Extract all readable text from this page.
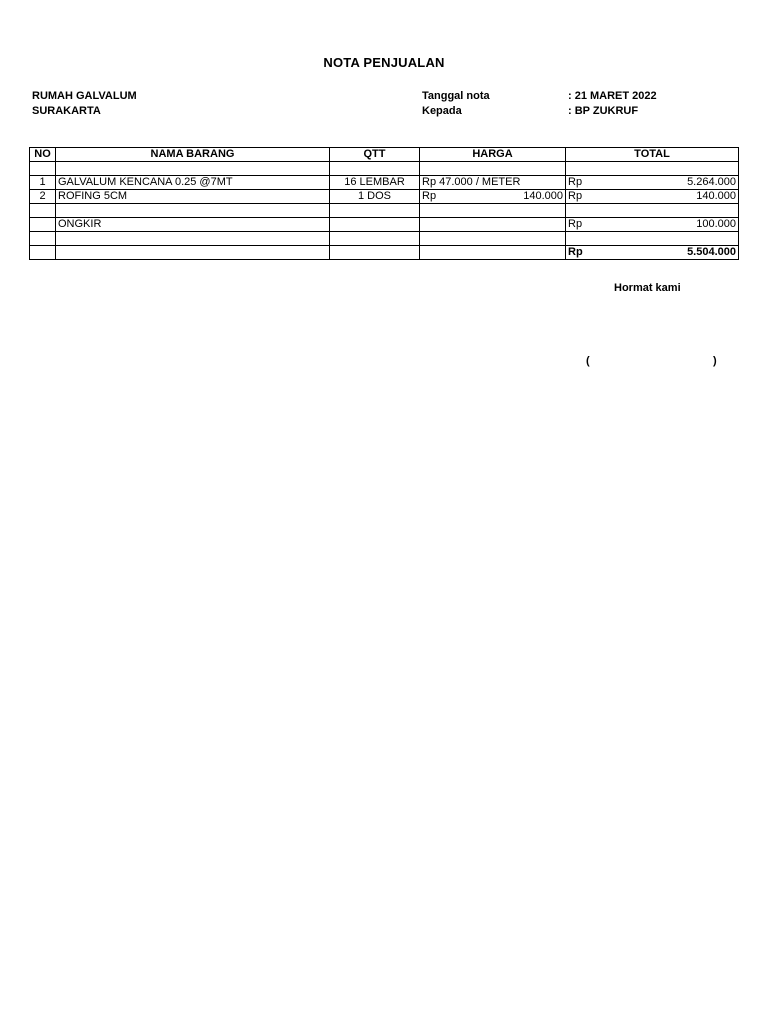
NOTA PENJUALAN
RUMAH GALVALUM
SURAKARTA
Tanggal nota	: 21 MARET 2022
Kepada	: BP ZUKRUF
NO	NAMA BARANG	QTT	HARGA	TOTAL

1	GALVALUM KENCANA 0.25 @7MT	16 LEMBAR	Rp 47.000 / METER	Rp 5.264.000

2	ROFING 5CM	1 DOS	Rp 140.000	Rp 140.000

	ONGKIR			Rp 100.000

				Rp 5.504.000
Hormat kami
(	)
